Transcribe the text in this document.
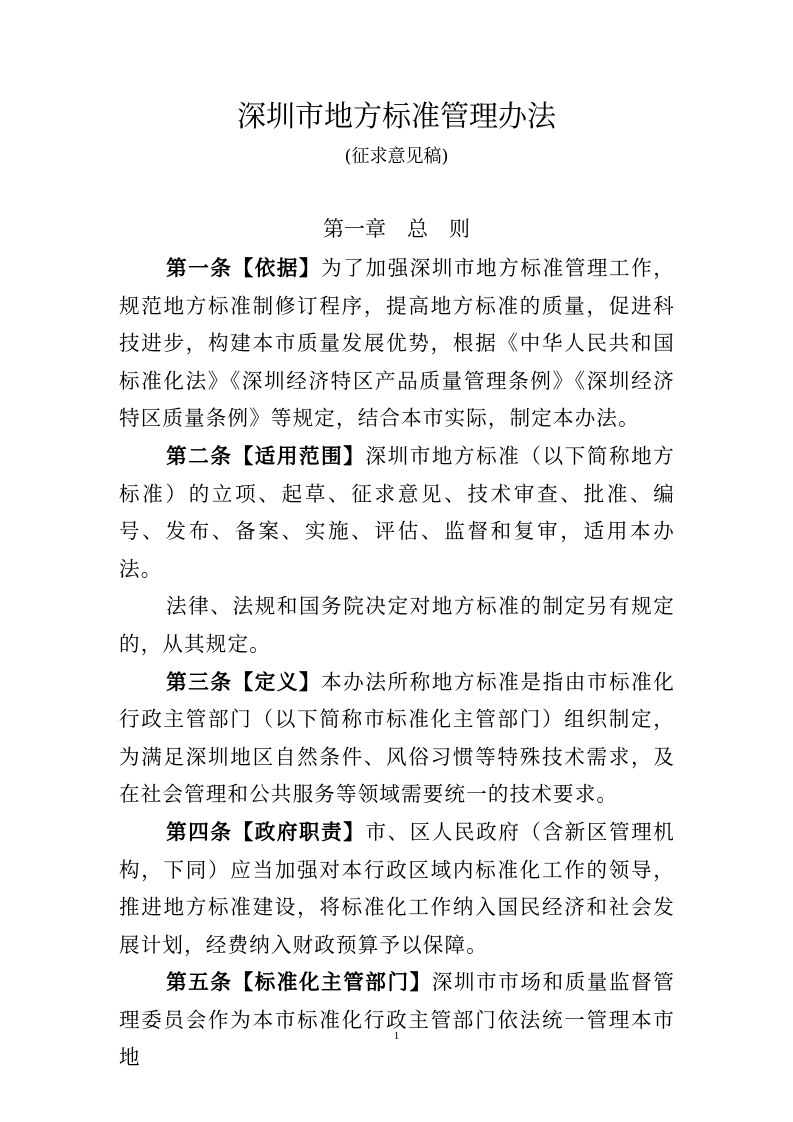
深圳市地方标准管理办法
(征求意见稿)
第一章　总　则

第一条【依据】为了加强深圳市地方标准管理工作，规范地方标准制修订程序，提高地方标准的质量，促进科技进步，构建本市质量发展优势，根据《中华人民共和国标准化法》《深圳经济特区产品质量管理条例》《深圳经济特区质量条例》等规定，结合本市实际，制定本办法。

第二条【适用范围】深圳市地方标准（以下简称地方标准）的立项、起草、征求意见、技术审查、批准、编号、发布、备案、实施、评估、监督和复审，适用本办法。

法律、法规和国务院决定对地方标准的制定另有规定的，从其规定。

第三条【定义】本办法所称地方标准是指由市标准化行政主管部门（以下简称市标准化主管部门）组织制定，为满足深圳地区自然条件、风俗习惯等特殊技术需求，及在社会管理和公共服务等领域需要统一的技术要求。

第四条【政府职责】市、区人民政府（含新区管理机构，下同）应当加强对本行政区域内标准化工作的领导，推进地方标准建设，将标准化工作纳入国民经济和社会发展计划，经费纳入财政预算予以保障。

第五条【标准化主管部门】深圳市市场和质量监督管理委员会作为本市标准化行政主管部门依法统一管理本市地

1
